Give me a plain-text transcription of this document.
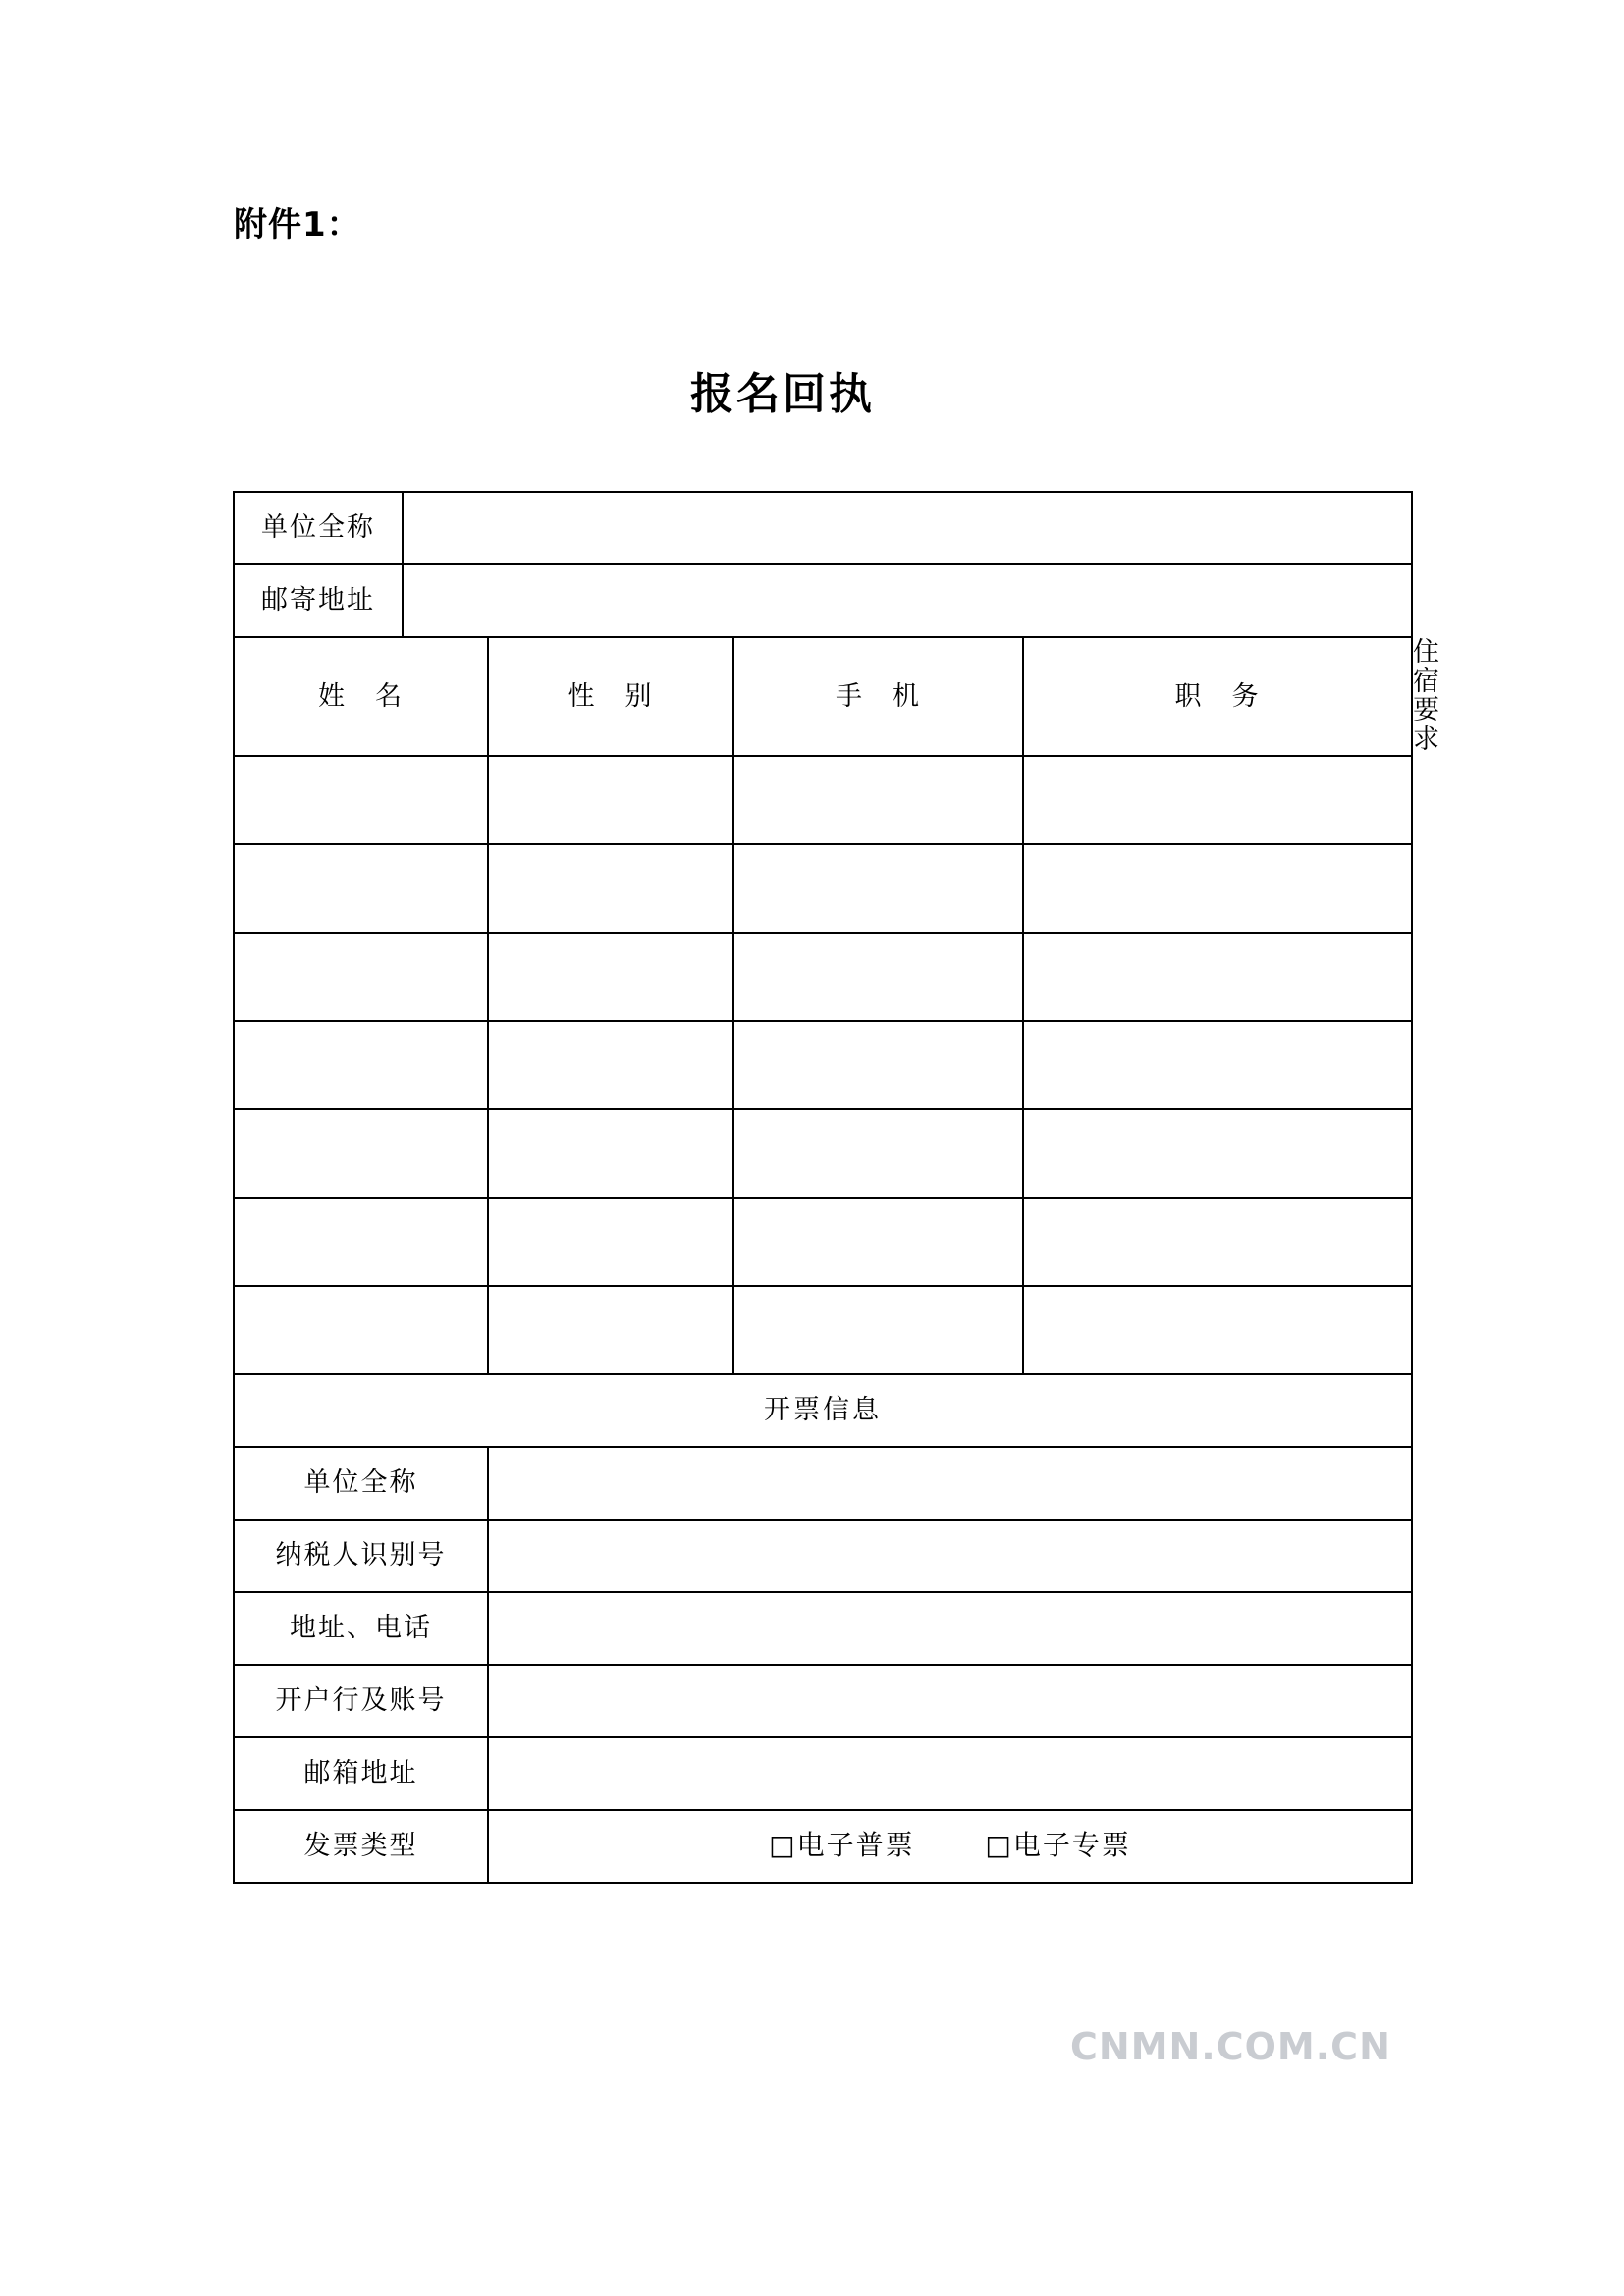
附件1：
报名回执
单位全称					
邮寄地址					
姓　名		性　别	手　机	职　务	住宿要求

开票信息					
单位全称					
纳税人识别号					
地址、电话					
开户行及账号					
邮箱地址					
发票类型		□电子普票 □电子专票			
CNMN.COM.CN
